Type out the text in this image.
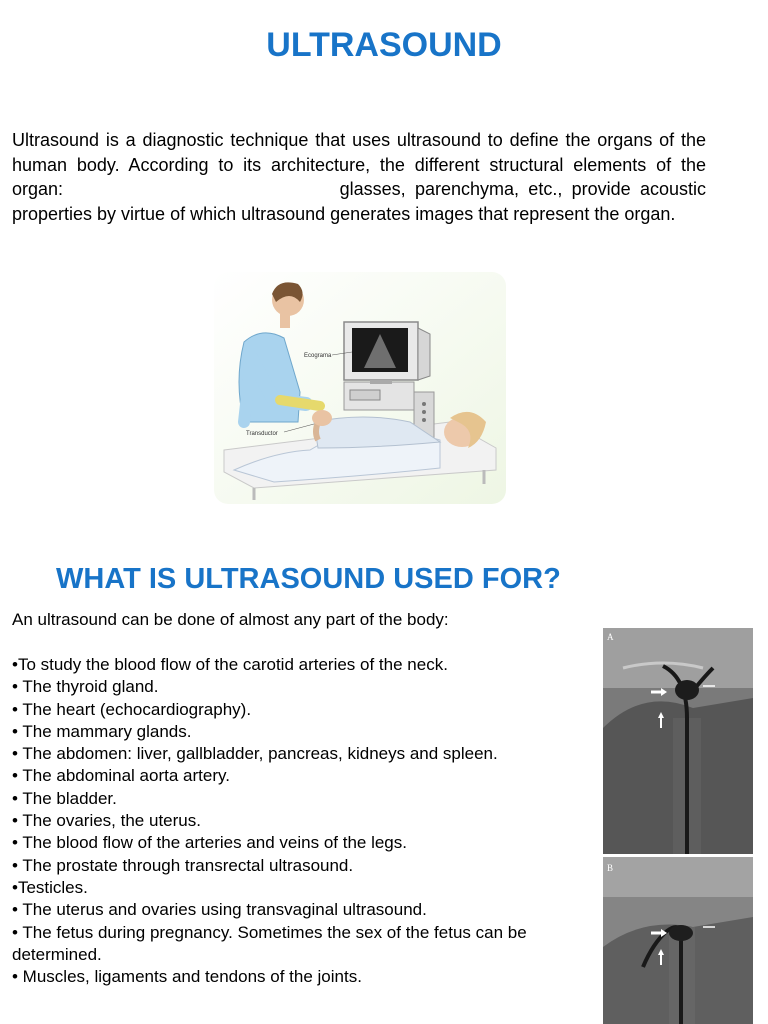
ULTRASOUND

Ultrasound is a diagnostic technique that uses ultrasound to define the organs of the human body. According to its architecture, the different structural elements of the organ:	glasses, parenchyma, etc., provide acoustic properties by virtue of which ultrasound generates images that represent the organ.

Ecograma
Transductor
WHAT IS ULTRASOUND USED FOR?
An ultrasound can be done of almost any part of the body:
•To study the blood flow of the carotid arteries of the neck.
• The thyroid gland.
• The heart (echocardiography).
• The mammary glands.
• The abdomen: liver, gallbladder, pancreas, kidneys and spleen.
• The abdominal aorta artery.
• The bladder.
• The ovaries, the uterus.
• The blood flow of the arteries and veins of the legs.
• The prostate through transrectal ultrasound.
•Testicles.
• The uterus and ovaries using transvaginal ultrasound.
• The fetus during pregnancy. Sometimes the sex of the fetus can be determined.
• Muscles, ligaments and tendons of the joints.
A
B
